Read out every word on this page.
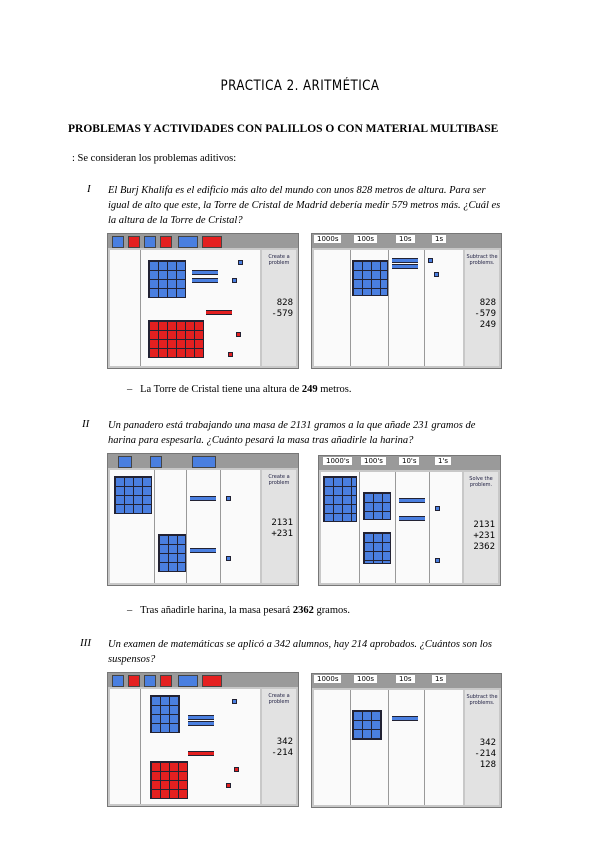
PRACTICA 2. ARITMÉTICA
PROBLEMAS Y ACTIVIDADES CON PALILLOS O CON MATERIAL MULTIBASE
: Se consideran los problemas aditivos:
I El Burj Khalifa es el edificio más alto del mundo con unos 828 metros de altura. Para ser igual de alto que este, la Torre de Cristal de Madrid debería medir 579 metros más. ¿Cuál es la altura de la Torre de Cristal?
Create a problem
828
-579
1000s	100s	10s	1s
Subtract the problems.
828
-579
249
–   La Torre de Cristal tiene una altura de 249 metros.
II Un panadero está trabajando una masa de 2131 gramos a la que añade 231 gramos de harina para espesarla. ¿Cuánto pesará la masa tras añadirle la harina?
Create a problem
2131
+231
1000's	100's	10's	1's
Solve the problem.
2131
+231
2362
–   Tras añadirle harina, la masa pesará 2362 gramos.
III Un examen de matemáticas se aplicó a 342 alumnos, hay 214 aprobados. ¿Cuántos son los suspensos?
Create a problem
342
-214
1000s	100s	10s	1s
Subtract the problems.
342
-214
128
